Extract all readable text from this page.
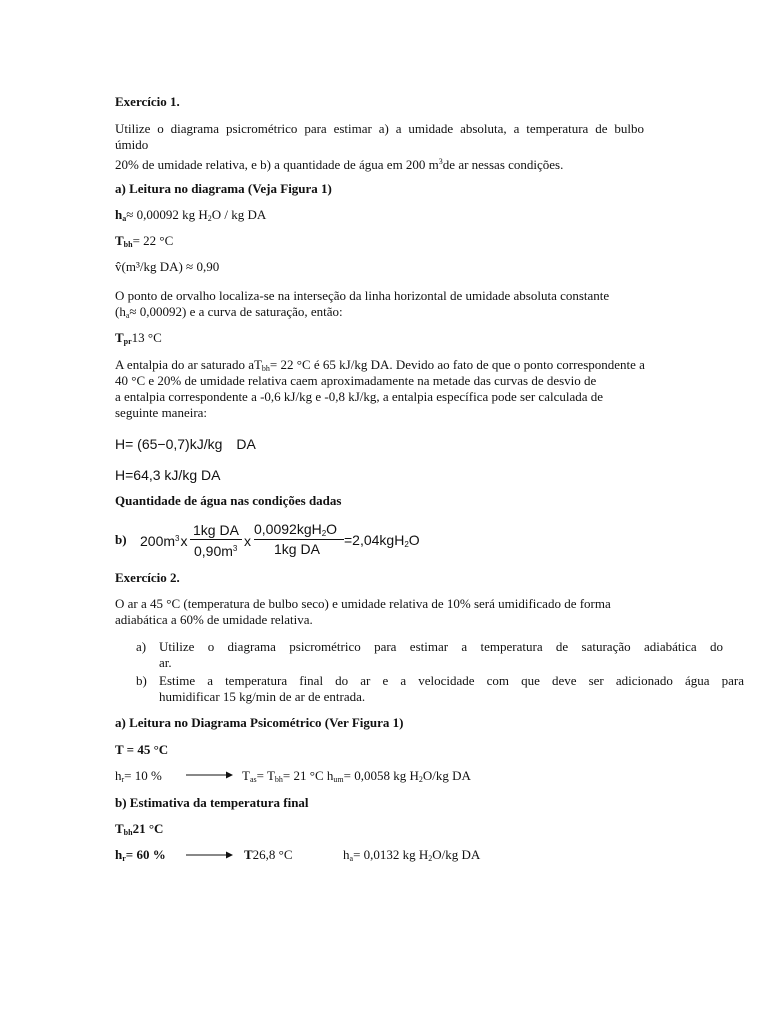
Exercício 1.
Utilize o diagrama psicrométrico para estimar a) a umidade absoluta, a temperatura de bulbo
úmido
20% de umidade relativa, e b) a quantidade de água em 200 $m^3de$ ar nessas condições.
a) Leitura no diagrama (Veja Figura 1)
$h_a\approx 0,00092$ kg $H_2O$ / kg DA
$T_{bh}= 22$ °C
v̂(m³/kg DA) ≈ 0,90
O ponto de orvalho localiza-se na interseção da linha horizontal de umidade absoluta constante
$(h_a\approx 0,00092)$ e a curva de saturação, então:
$T_{pr}13$ °C
A entalpia do ar saturado $aT_{bh}= 22$ °C é 65 kJ/kg DA. Devido ao fato de que o ponto correspondente a
40 °C e 20% de umidade relativa caem aproximadamente na metade das curvas de desvio de
a entalpia correspondente a -0,6 kJ/kg e -0,8 kJ/kg, a entalpia específica pode ser calculada de
seguinte maneira:
H= (65−0,7)kJ/kg DA
H=64,3 kJ/kg DA
Quantidade de água nas condições dadas
b) $200m^3x$
1kg DA
$0,90m^3$ x
0,0092kgH$_2$O
1kg DA
=2,04kgH$_2$O
Exercício 2.
O ar a 45 °C (temperatura de bulbo seco) e umidade relativa de 10% será umidificado de forma
adiabática a 60% de umidade relativa.
a) Utilize o diagrama psicrométrico para estimar a temperatura de saturação adiabática do
ar.
b) Estime a temperatura final do ar e a velocidade com que deve ser adicionado água para
humidificar 15 kg/min de ar de entrada.
a) Leitura no Diagrama Psicométrico (Ver Figura 1)
T = 45 °C
$h_r= 10$ %	$T_{as}= T_{bh}= 21$ °C $h_{um}= 0,0058$ kg $H_2O/kg$ DA
b) Estimativa da temperatura final
$T_{bh}21$ °C
$h_r= 60$ %	T26,8 °C	$h_a= 0,0132$ kg $H_2O/kg$ DA
